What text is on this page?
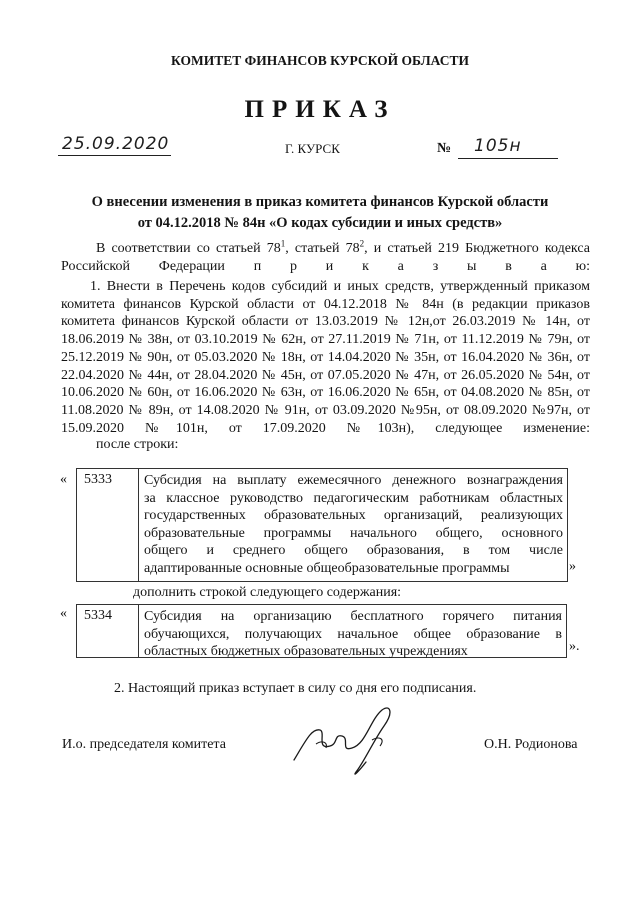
КОМИТЕТ ФИНАНСОВ КУРСКОЙ ОБЛАСТИ
ПРИКАЗ
25.09.2020	Г. КУРСК	№ 105н
О внесении изменения в приказ комитета финансов Курской области
от 04.12.2018 № 84н «О кодах субсидии и иных средств»
В соответствии со статьей $78^1$, статьей $78^2$, и статьей 219 Бюджетного кодекса Российской Федерации п р и к а з ы в а ю:
1. Внести в Перечень кодов субсидий и иных средств, утвержденный приказом комитета финансов Курской области от 04.12.2018 № 84н (в редакции приказов комитета финансов Курской области от 13.03.2019 № 12н,от 26.03.2019 № 14н, от 18.06.2019 № 38н, от 03.10.2019 № 62н, от 27.11.2019 № 71н, от 11.12.2019 № 79н, от 25.12.2019 № 90н, от 05.03.2020 № 18н, от 14.04.2020 № 35н, от 16.04.2020 № 36н, от 22.04.2020 № 44н, от 28.04.2020 № 45н, от 07.05.2020 № 47н, от 26.05.2020 № 54н, от 10.06.2020 № 60н, от 16.06.2020 № 63н, от 16.06.2020 № 65н, от 04.08.2020 № 85н, от 11.08.2020 № 89н, от 14.08.2020 № 91н, от 03.09.2020 №95н, от 08.09.2020 №97н, от 15.09.2020 №101н, от 17.09.2020 №103н), следующее изменение:
после строки:
«	5333	Субсидия на выплату ежемесячного денежного вознаграждения
за классное руководство педагогическим работникам областных
государственных образовательных организаций, реализующих
образовательные программы начального общего, основного
общего и среднего общего образования, в том числе
адаптированные основные общеобразовательные программы	»
дополнить строкой следующего содержания:
«	5334	Субсидия на организацию бесплатного горячего питания
обучающихся, получающих начальное общее образование в
областных бюджетных образовательных учреждениях	».
2. Настоящий приказ вступает в силу со дня его подписания.
И.о. председателя комитета	О.Н. Родионова
